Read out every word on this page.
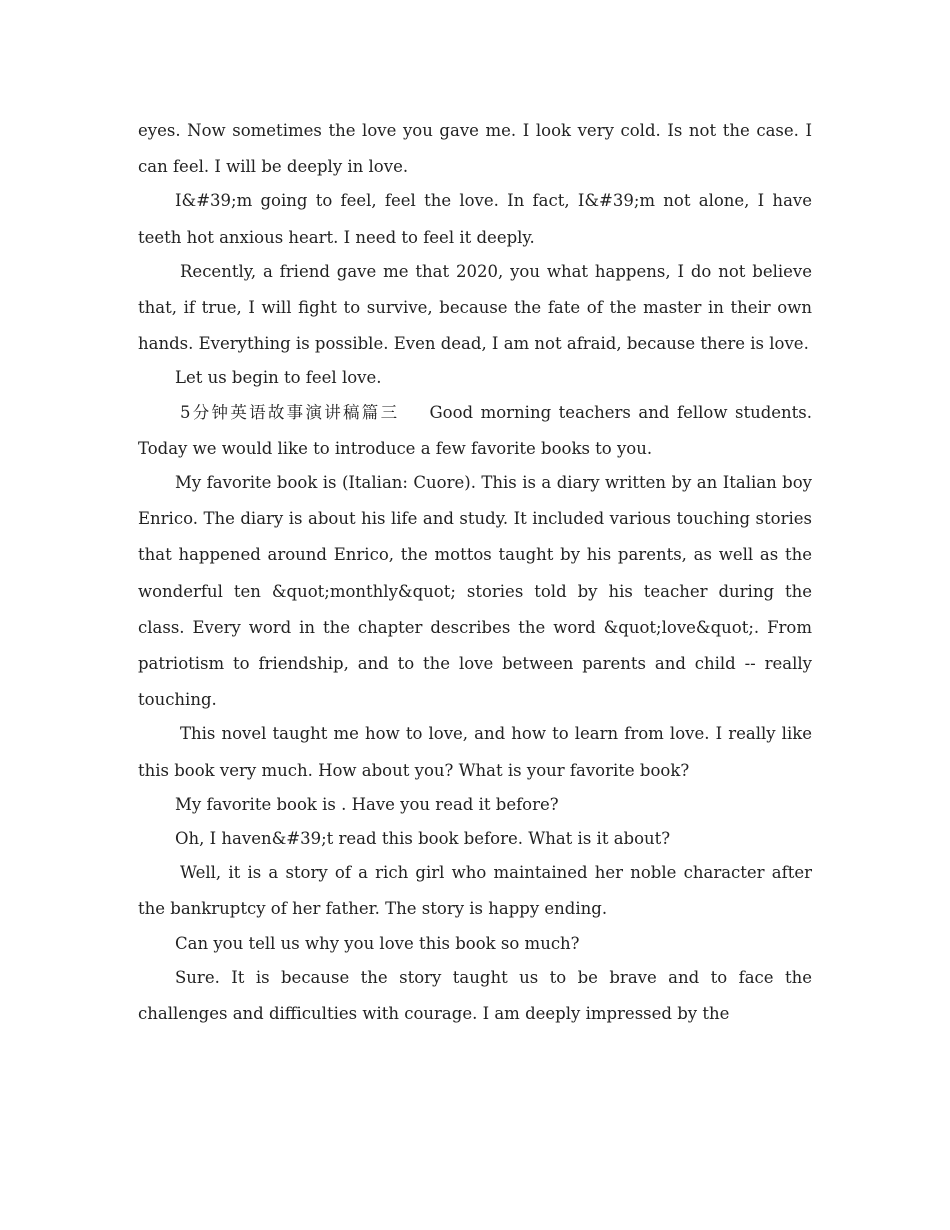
eyes. Now sometimes the love you gave me. I look very cold. Is not the case. I can feel. I will be deeply in love.

I&#39;m going to feel, feel the love. In fact, I&#39;m not alone, I have teeth hot anxious heart. I need to feel it deeply.

Recently, a friend gave me that 2020, you what happens, I do not believe that, if true, I will fight to survive, because the fate of the master in their own hands. Everything is possible. Even dead, I am not afraid, because there is love.

Let us begin to feel love.

5分钟英语故事演讲稿篇三    Good morning teachers and fellow students. Today we would like to introduce a few favorite books to you.

My favorite book is (Italian: Cuore). This is a diary written by an Italian boy Enrico. The diary is about his life and study. It included various touching stories that happened around Enrico, the mottos taught by his parents, as well as the wonderful ten &quot;monthly&quot; stories told by his teacher during the class. Every word in the chapter describes the word &quot;love&quot;. From patriotism to friendship, and to the love between parents and child -- really touching.

This novel taught me how to love, and how to learn from love. I really like this book very much. How about you? What is your favorite book?

My favorite book is . Have you read it before?

Oh, I haven&#39;t read this book before. What is it about?

Well, it is a story of a rich girl who maintained her noble character after the bankruptcy of her father. The story is happy ending.

Can you tell us why you love this book so much?

Sure. It is because the story taught us to be brave and to face the challenges and difficulties with courage. I am deeply impressed by the
